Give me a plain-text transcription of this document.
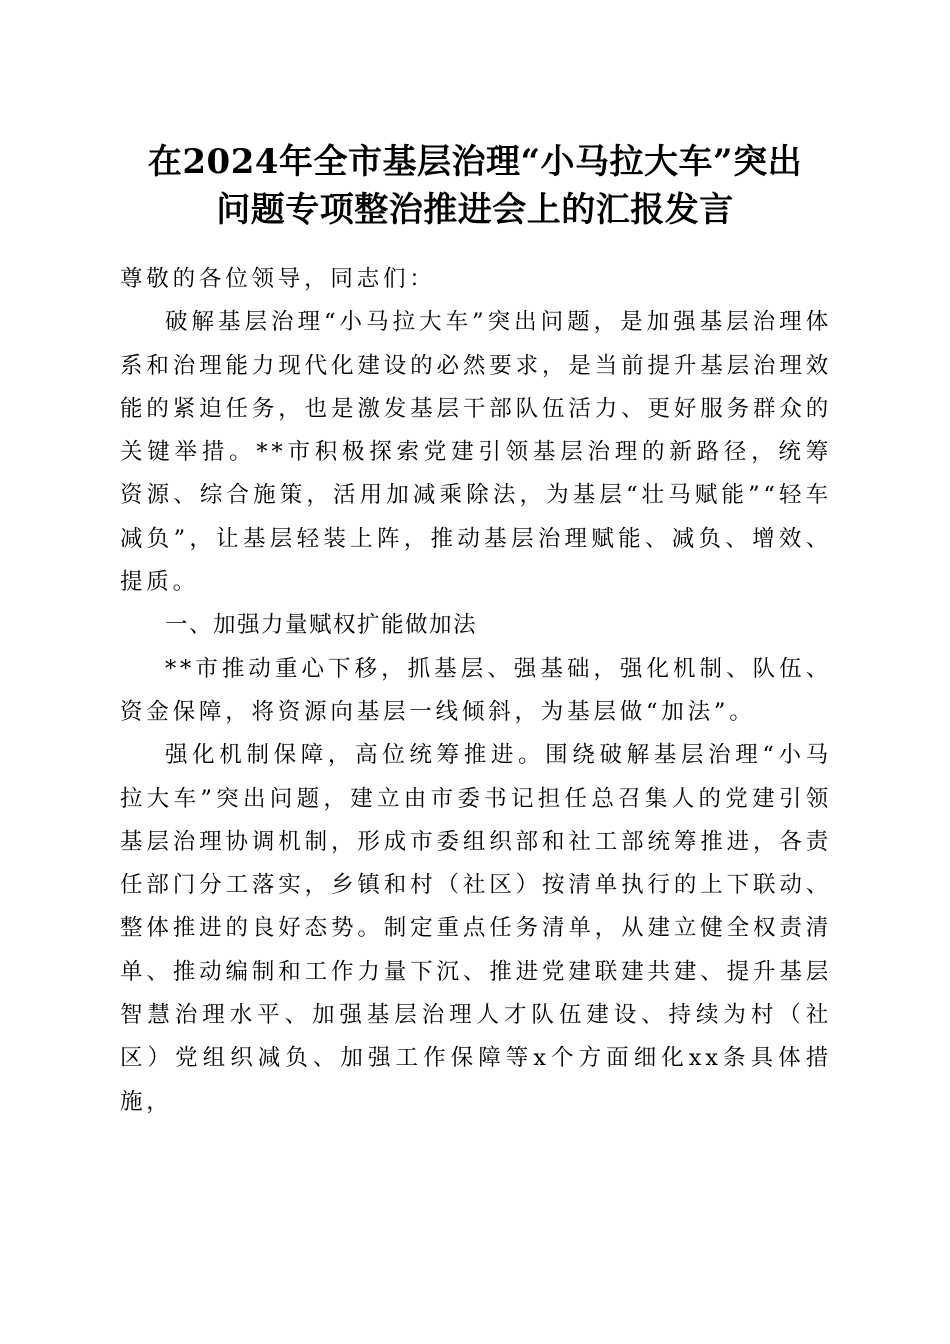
在2024年全市基层治理“小马拉大车”突出
问题专项整治推进会上的汇报发言

尊敬的各位领导，同志们：

破解基层治理“小马拉大车”突出问题，是加强基层治理体系和治理能力现代化建设的必然要求，是当前提升基层治理效能的紧迫任务，也是激发基层干部队伍活力、更好服务群众的关键举措。**市积极探索党建引领基层治理的新路径，统筹资源、综合施策，活用加减乘除法，为基层“壮马赋能”“轻车减负”，让基层轻装上阵，推动基层治理赋能、减负、增效、提质。

一、加强力量赋权扩能做加法

**市推动重心下移，抓基层、强基础，强化机制、队伍、资金保障，将资源向基层一线倾斜，为基层做“加法”。

强化机制保障，高位统筹推进。围绕破解基层治理“小马拉大车”突出问题，建立由市委书记担任总召集人的党建引领基层治理协调机制，形成市委组织部和社工部统筹推进，各责任部门分工落实，乡镇和村（社区）按清单执行的上下联动、整体推进的良好态势。制定重点任务清单，从建立健全权责清单、推动编制和工作力量下沉、推进党建联建共建、提升基层智慧治理水平、加强基层治理人才队伍建设、持续为村（社区）党组织减负、加强工作保障等x个方面细化xx条具体措施，
